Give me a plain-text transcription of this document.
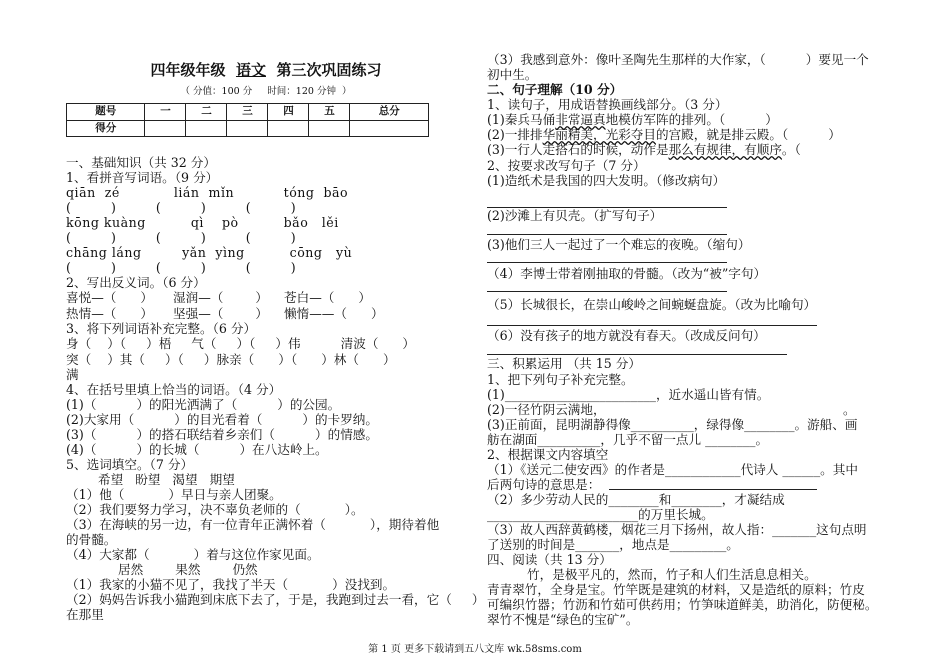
四年级年级  语文  第三次巩固练习
（ 分值：100 分     时间：120 分钟  ）
题号	一	二	三	四	五	总分
得分						
一、基础知识（共 32 分）
1、看拼音写词语。（9 分）
qiān  zé            lián  mǐn           tóng  bāo
(          )          (          )          (          )
kōng kuàng          qì    pò          bǎo   lěi
(          )          (          )          (          )
chāng láng         yǎn  yìng          cōng   yù
(          )          (          )          (          )
2、写出反义词。（6 分）
喜悦—（      ）     湿润—（        ）    苍白—（      ）
热情—（      ）     坚强—（        ）    懒惰——（      ）
3、将下列词语补充完整。（6 分）
身（    ）（     ）梧     气（     ）（     ）伟          清波（      ）
突（    ）其（     ）（     ）脉亲（      ）（      ）林（      ）
满
4、在括号里填上恰当的词语。（4 分）
(1)（          ）的阳光洒满了（          ）的公园。
(2)大家用（          ）的目光看着（          ）的卡罗纳。
(3)（          ）的搭石联结着乡亲们（          ）的情感。
(4)（          ）的长城（          ）在八达岭上。
5、选词填空。（7 分）
希望   盼望   渴望   期望
（1）他（           ）早日与亲人团聚。
（2）我们要努力学习，决不辜负老师的（           ）。
（3）在海峡的另一边，有一位青年正满怀着（           ），期待着他
的骨髓。
（4）大家都（           ）着与这位作家见面。
居然        果然        仍然
（1）我家的小猫不见了，我找了半天（           ）没找到。
（2）妈妈告诉我小猫跑到床底下去了，于是，我跑到过去一看，它（     ）
在那里
（3）我感到意外：像叶圣陶先生那样的大作家，（          ）要见一个
初中生。
二、句子理解（10 分）
1、读句子，用成语替换画线部分。（3 分）
(1)秦兵马俑非常逼真地模仿军阵的排列。（          ）
(2)一排排华丽精美，光彩夺目的宫殿，就是排云殿。（          ）
(3)一行人走搭石的时候，动作是那么有规律，有顺序。（
2、按要求改写句子（7 分）
(1)造纸术是我国的四大发明。（修改病句）
(2)沙滩上有贝壳。（扩写句子）
(3)他们三人一起过了一个难忘的夜晚。（缩句）
（4）李博士带着刚抽取的骨髓。（改为“被”字句）
（5）长城很长，在崇山峻岭之间蜿蜒盘旋。（改为比喻句）
（6）没有孩子的地方就没有春天。（改成反问句）
三、积累运用 （共 15 分）
1、把下列句子补充完整。
(1)________________________，近水遥山皆有情。
(2)一径竹阴云满地，	。
(3)正前面，昆明湖静得像__________，绿得像________。游船、画
舫在湖面__________，几乎不留一点儿 ________。
2、根据课文内容填空
（1）《送元二使安西》的作者是____________代诗人 ______。其中
后两句诗的意思是：
（2）多少劳动人民的________和________，才凝结成
________________________的万里长城。
（3）故人西辞黄鹤楼，烟花三月下扬州，故人指：_______这句点明
了送别的时间是_______，地点是_________。
四、阅读（共 13 分）
竹，是极平凡的，然而，竹子和人们生活息息相关。
青青翠竹，全身是宝。竹竿既是建筑的材料，又是造纸的原料；竹皮
可编织竹器；竹沥和竹茹可供药用；竹笋味道鲜美，助消化，防便秘。
翠竹不愧是“绿色的宝矿”。
第 1 页 更多下载请到五八文库 wk.58sms.com
